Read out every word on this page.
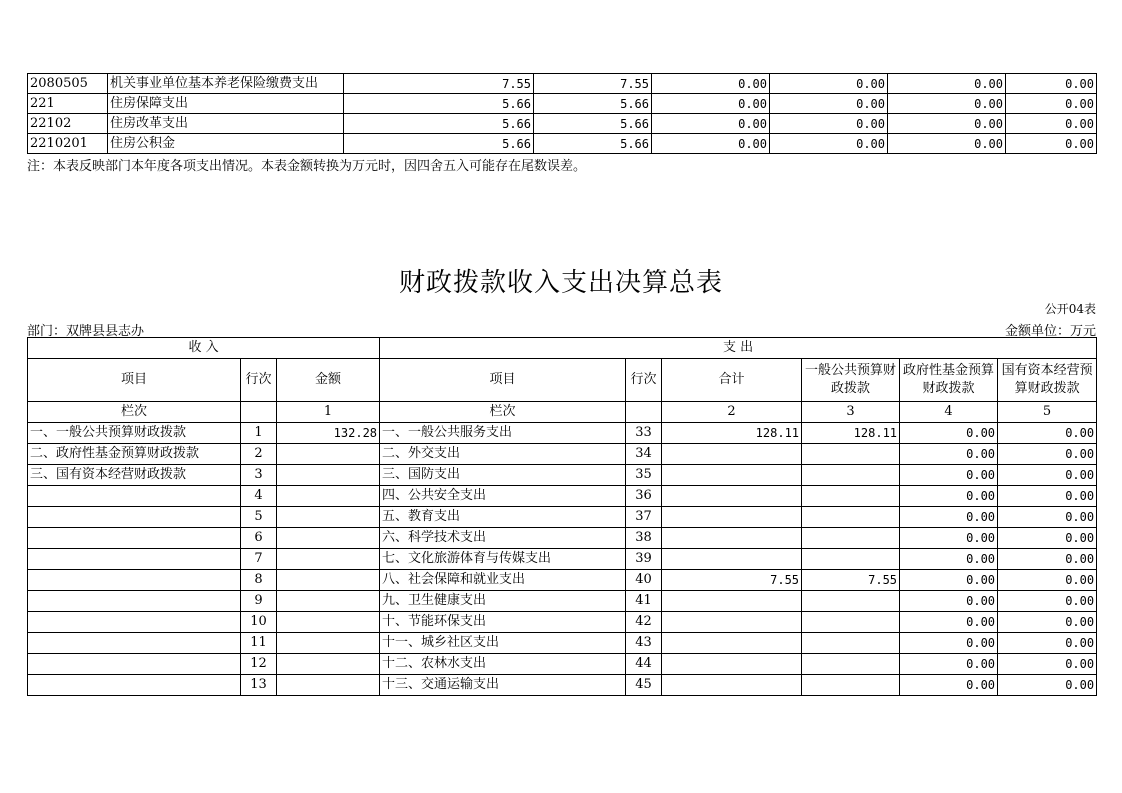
2080505	机关事业单位基本养老保险缴费支出	7.55	7.55	0.00	0.00	0.00	0.00
221	住房保障支出	5.66	5.66	0.00	0.00	0.00	0.00
22102	住房改革支出	5.66	5.66	0.00	0.00	0.00	0.00
2210201	住房公积金	5.66	5.66	0.00	0.00	0.00	0.00
注：本表反映部门本年度各项支出情况。本表金额转换为万元时，因四舍五入可能存在尾数误差。
财政拨款收入支出决算总表
公开04表
部门：双牌县县志办	金额单位：万元
收 入			支 出					
项目	行次	金额	项目	行次	合计	一般公共预算财政拨款	政府性基金预算财政拨款	国有资本经营预算财政拨款
栏次		1	栏次		2	3	4	5
一、一般公共预算财政拨款	1	132.28	一、一般公共服务支出	33	128.11	128.11	0.00	0.00
二、政府性基金预算财政拨款	2		二、外交支出	34			0.00	0.00
三、国有资本经营财政拨款	3		三、国防支出	35			0.00	0.00
	4		四、公共安全支出	36			0.00	0.00
	5		五、教育支出	37			0.00	0.00
	6		六、科学技术支出	38			0.00	0.00
	7		七、文化旅游体育与传媒支出	39			0.00	0.00
	8		八、社会保障和就业支出	40	7.55	7.55	0.00	0.00
	9		九、卫生健康支出	41			0.00	0.00
	10		十、节能环保支出	42			0.00	0.00
	11		十一、城乡社区支出	43			0.00	0.00
	12		十二、农林水支出	44			0.00	0.00
	13		十三、交通运输支出	45			0.00	0.00
